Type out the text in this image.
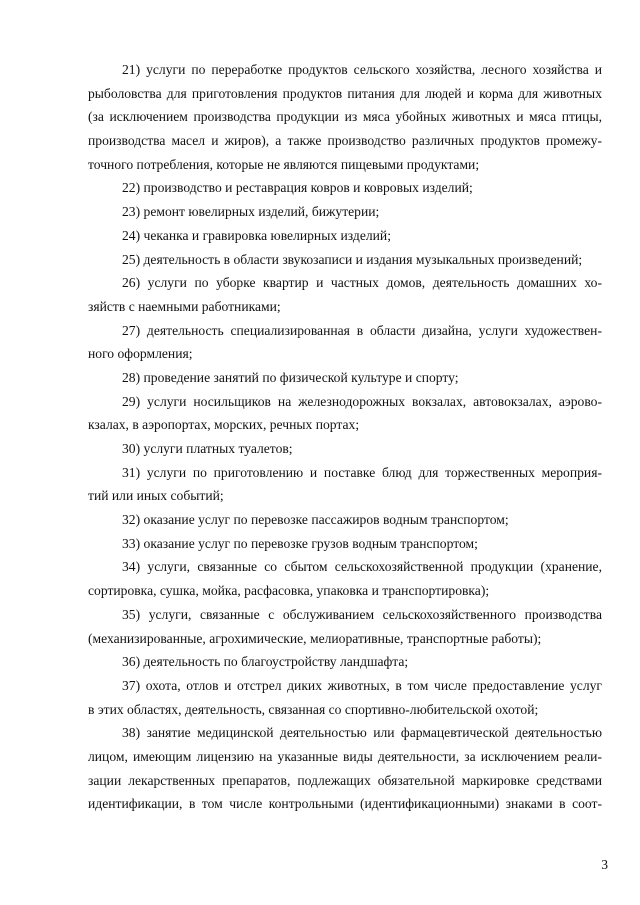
21) услуги по переработке продуктов сельского хозяйства, лесного хозяйства и
рыболовства для приготовления продуктов питания для людей и корма для животных
(за исключением производства продукции из мяса убойных животных и мяса птицы,
производства масел и жиров), а также производство различных продуктов промежу-
точного потребления, которые не являются пищевыми продуктами;
22) производство и реставрация ковров и ковровых изделий;
23) ремонт ювелирных изделий, бижутерии;
24) чеканка и гравировка ювелирных изделий;
25) деятельность в области звукозаписи и издания музыкальных произведений;
26) услуги по уборке квартир и частных домов, деятельность домашних хо-
зяйств с наемными работниками;
27) деятельность специализированная в области дизайна, услуги художествен-
ного оформления;
28) проведение занятий по физической культуре и спорту;
29) услуги носильщиков на железнодорожных вокзалах, автовокзалах, аэрово-
кзалах, в аэропортах, морских, речных портах;
30) услуги платных туалетов;
31) услуги по приготовлению и поставке блюд для торжественных мероприя-
тий или иных событий;
32) оказание услуг по перевозке пассажиров водным транспортом;
33) оказание услуг по перевозке грузов водным транспортом;
34) услуги, связанные со сбытом сельскохозяйственной продукции (хранение,
сортировка, сушка, мойка, расфасовка, упаковка и транспортировка);
35) услуги, связанные с обслуживанием сельскохозяйственного производства
(механизированные, агрохимические, мелиоративные, транспортные работы);
36) деятельность по благоустройству ландшафта;
37) охота, отлов и отстрел диких животных, в том числе предоставление услуг
в этих областях, деятельность, связанная со спортивно-любительской охотой;
38) занятие медицинской деятельностью или фармацевтической деятельностью
лицом, имеющим лицензию на указанные виды деятельности, за исключением реали-
зации лекарственных препаратов, подлежащих обязательной маркировке средствами
идентификации, в том числе контрольными (идентификационными) знаками в соот-
3
